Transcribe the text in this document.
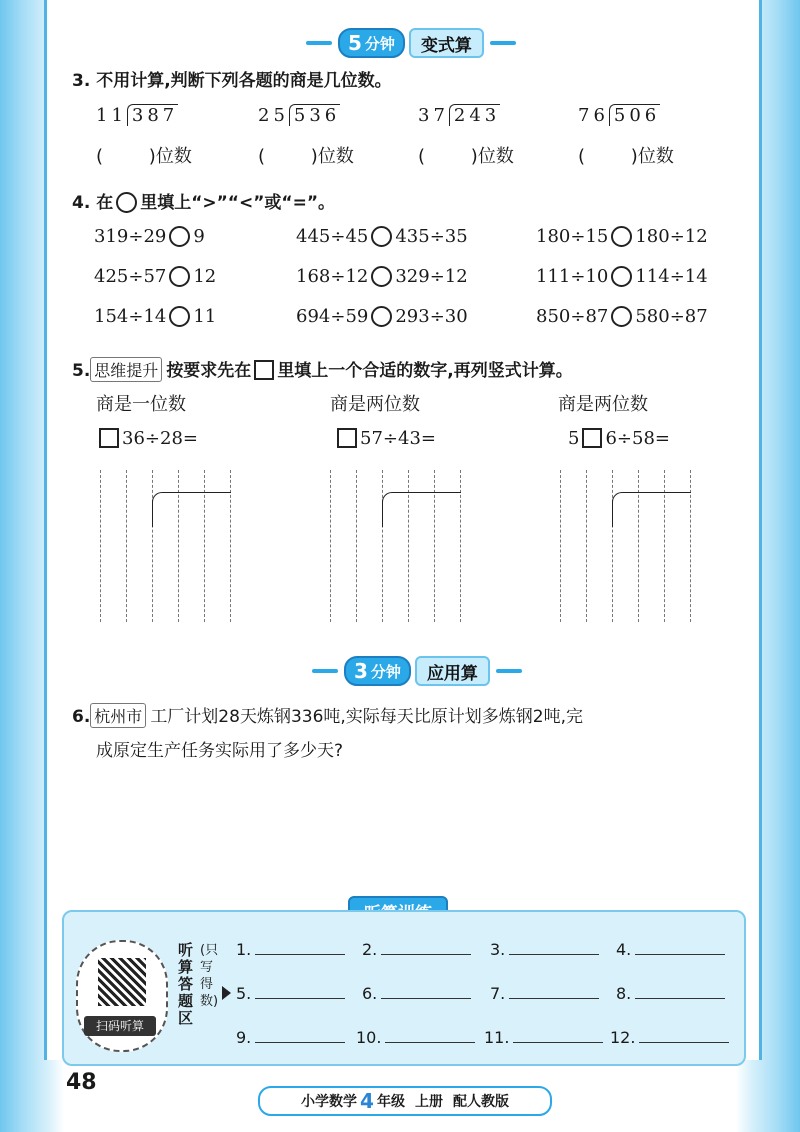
5 分钟	变式算
3. 不用计算,判断下列各题的商是几位数。
11 387	25 536	37 243	76 506
(        )位数	(        )位数	(        )位数	(        )位数
4. 在 里填上“>”“<”或“=”。
319÷29 9	445÷45 435÷35	180÷15 180÷12
425÷57 12	168÷12 329÷12	111÷10 114÷14
154÷14 11	694÷59 293÷30	850÷87 580÷87
5. 思维提升 按要求先在 里填上一个合适的数字,再列竖式计算。
商是一位数	商是两位数	商是两位数
36÷28=	57÷43=	5 6÷58=
3 分钟	应用算
6. 杭州市 工厂计划28天炼钢336吨,实际每天比原计划多炼钢2吨,完
成原定生产任务实际用了多少天?
扫码听算
听算答题区
(只写得数)
1.	2.	3.	4.
5.	6.	7.	8.
9.	10.	11.	12.
48
小学数学 4 年级 上册 配人教版
